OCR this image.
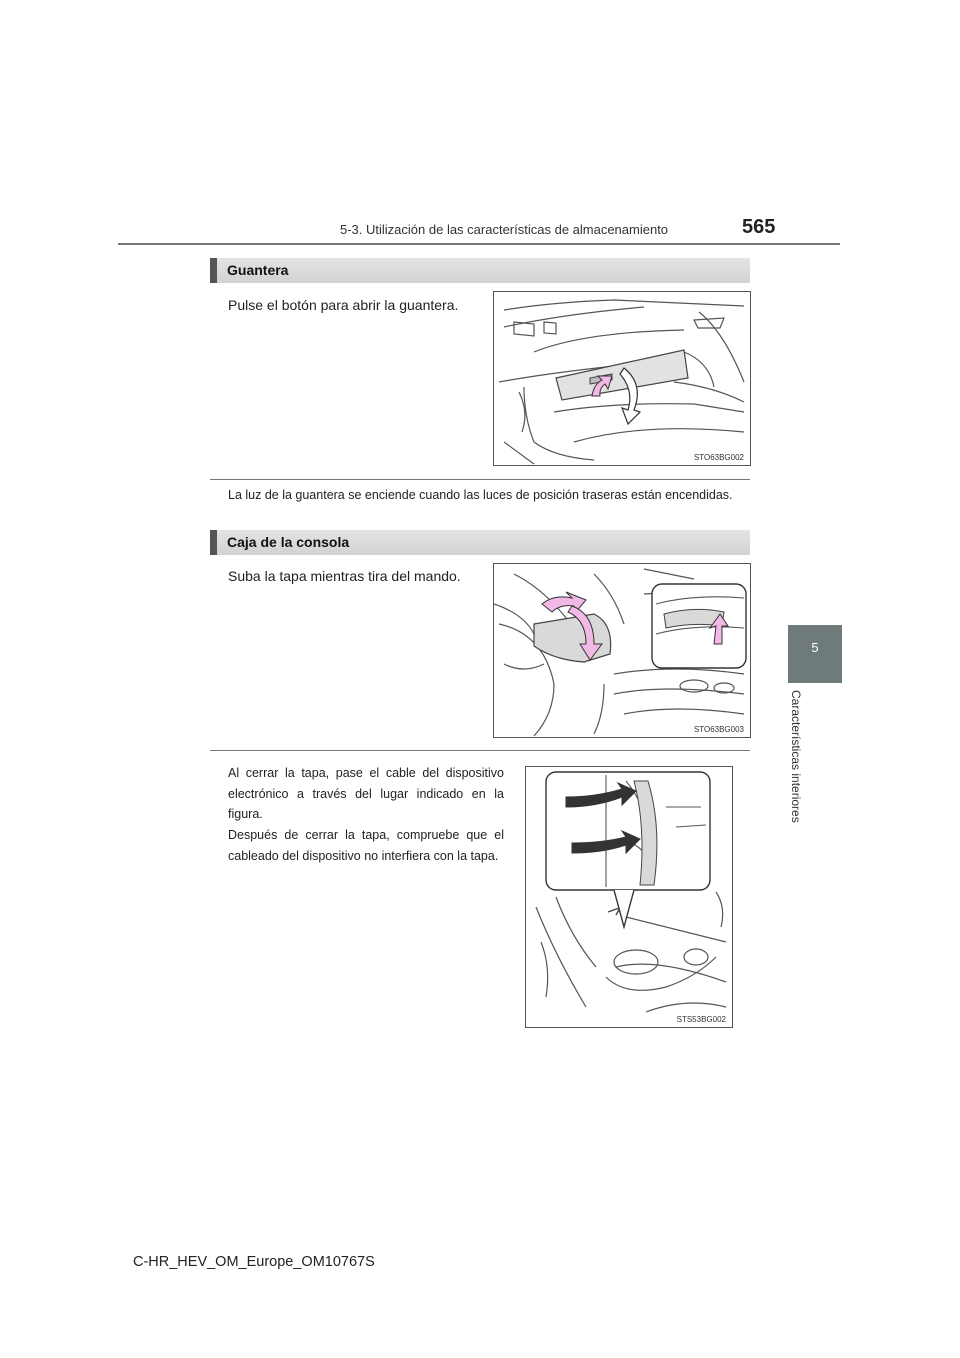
5-3. Utilización de las características de almacenamiento	565
5
Características interiores
Guantera
Pulse el botón para abrir la guantera.
STO63BG002
La luz de la guantera se enciende cuando las luces de posición traseras están encendidas.
Caja de la consola
Suba la tapa mientras tira del mando.
STO63BG003
Al cerrar la tapa, pase el cable del dispositivo electrónico a través del lugar indicado en la figura.
Después de cerrar la tapa, compruebe que el cableado del dispositivo no interfiera con la tapa.
STS53BG002
C-HR_HEV_OM_Europe_OM10767S
